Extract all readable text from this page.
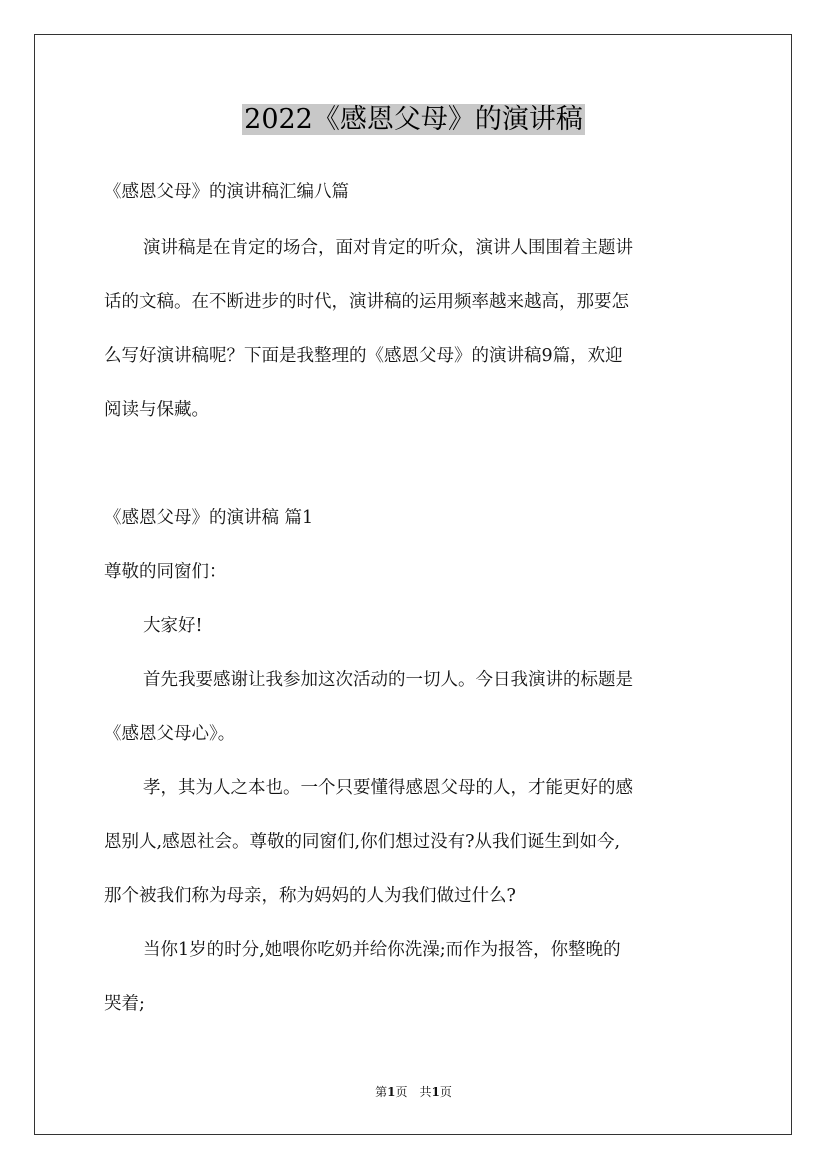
2022《感恩父母》的演讲稿
《感恩父母》的演讲稿汇编八篇
演讲稿是在肯定的场合，面对肯定的听众，演讲人围围着主题讲
话的文稿。在不断进步的时代，演讲稿的运用频率越来越高，那要怎
么写好演讲稿呢？下面是我整理的《感恩父母》的演讲稿9篇，欢迎
阅读与保藏。
《感恩父母》的演讲稿 篇1
尊敬的同窗们：
大家好!
首先我要感谢让我参加这次活动的一切人。今日我演讲的标题是
《感恩父母心》。
孝，其为人之本也。一个只要懂得感恩父母的人，才能更好的感
恩别人,感恩社会。尊敬的同窗们,你们想过没有?从我们诞生到如今,
那个被我们称为母亲，称为妈妈的人为我们做过什么?
当你1岁的时分,她喂你吃奶并给你洗澡;而作为报答，你整晚的
哭着;
第1页　共1页
